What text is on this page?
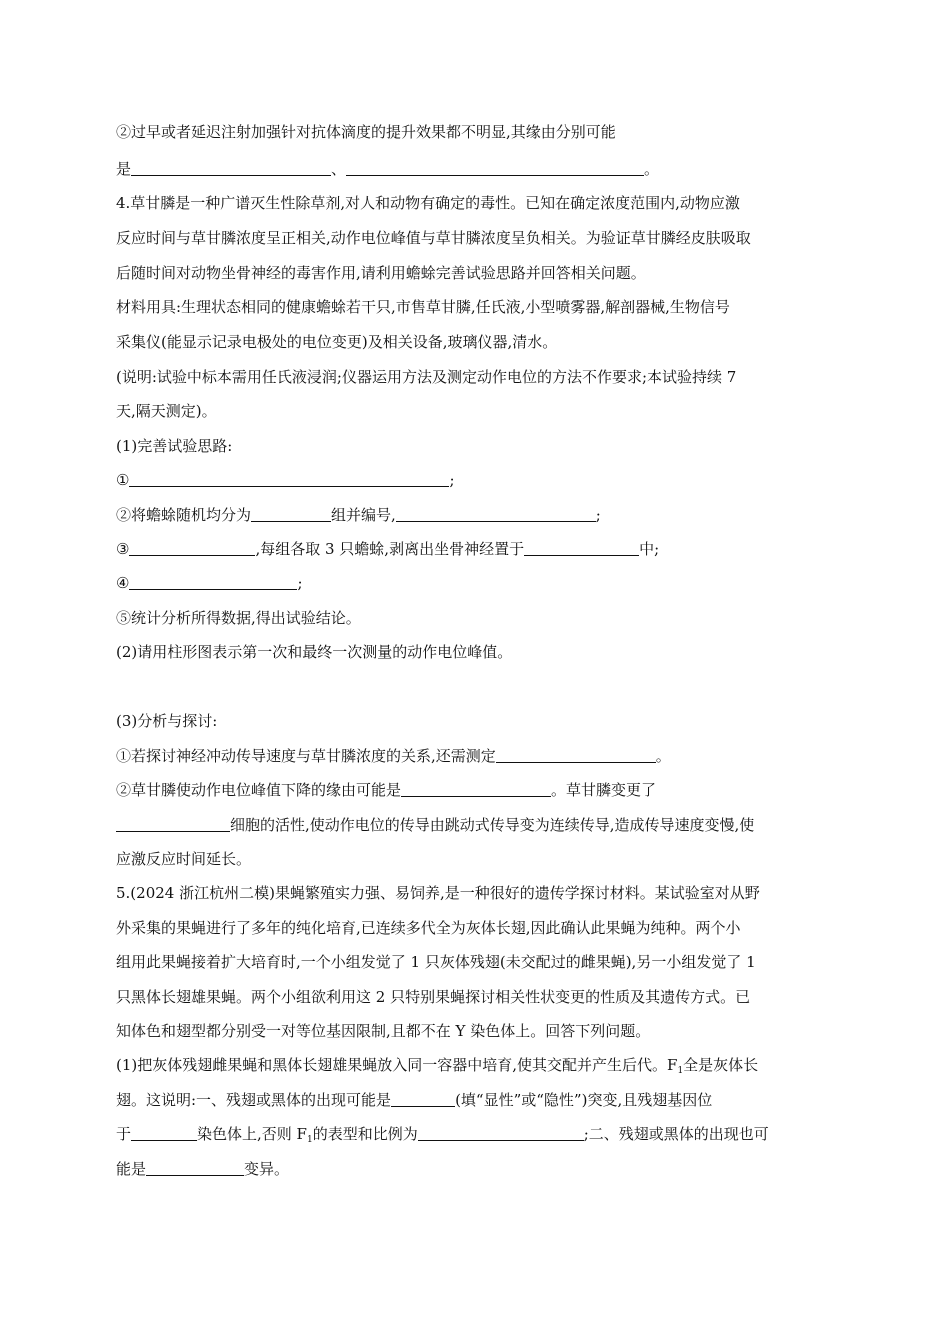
②过早或者延迟注射加强针对抗体滴度的提升效果都不明显,其缘由分别可能
是	、	。
4.草甘膦是一种广谱灭生性除草剂,对人和动物有确定的毒性。已知在确定浓度范围内,动物应激
反应时间与草甘膦浓度呈正相关,动作电位峰值与草甘膦浓度呈负相关。为验证草甘膦经皮肤吸取
后随时间对动物坐骨神经的毒害作用,请利用蟾蜍完善试验思路并回答相关问题。
材料用具:生理状态相同的健康蟾蜍若干只,市售草甘膦,任氏液,小型喷雾器,解剖器械,生物信号
采集仪(能显示记录电极处的电位变更)及相关设备,玻璃仪器,清水。
(说明:试验中标本需用任氏液浸润;仪器运用方法及测定动作电位的方法不作要求;本试验持续 7
天,隔天测定)。
(1)完善试验思路:
①	;
②将蟾蜍随机均分为	组并编号,	;
③	,每组各取 3 只蟾蜍,剥离出坐骨神经置于	中;
④	;
⑤统计分析所得数据,得出试验结论。
(2)请用柱形图表示第一次和最终一次测量的动作电位峰值。
(3)分析与探讨:
①若探讨神经冲动传导速度与草甘膦浓度的关系,还需测定	。
②草甘膦使动作电位峰值下降的缘由可能是	。草甘膦变更了
细胞的活性,使动作电位的传导由跳动式传导变为连续传导,造成传导速度变慢,使
应激反应时间延长。
5.(2024 浙江杭州二模)果蝇繁殖实力强、易饲养,是一种很好的遗传学探讨材料。某试验室对从野
外采集的果蝇进行了多年的纯化培育,已连续多代全为灰体长翅,因此确认此果蝇为纯种。两个小
组用此果蝇接着扩大培育时,一个小组发觉了 1 只灰体残翅(未交配过的雌果蝇),另一小组发觉了 1
只黑体长翅雄果蝇。两个小组欲利用这 2 只特别果蝇探讨相关性状变更的性质及其遗传方式。已
知体色和翅型都分别受一对等位基因限制,且都不在 Y 染色体上。回答下列问题。
(1)把灰体残翅雌果蝇和黑体长翅雄果蝇放入同一容器中培育,使其交配并产生后代。$F_1$全是灰体长
翅。这说明:一、残翅或黑体的出现可能是	(填“显性”或“隐性”)突变,且残翅基因位
于	染色体上,否则 $F_1$的表型和比例为	;二、残翅或黑体的出现也可
能是	变异。
